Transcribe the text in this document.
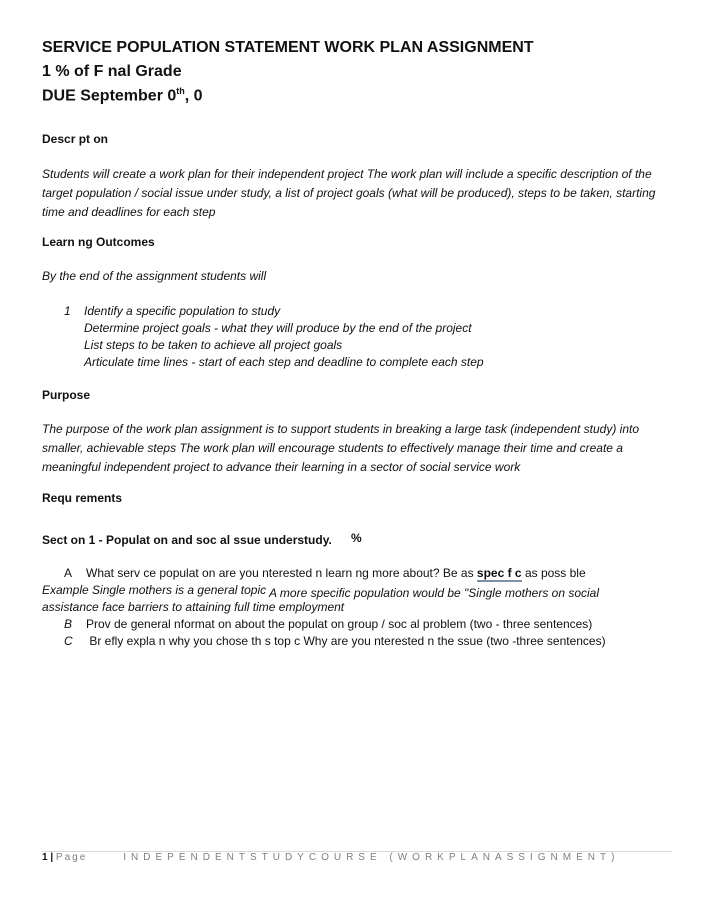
SERVICE POPULATION STATEMENT WORK PLAN ASSIGNMENT
1 % of F nal Grade
DUE September 0th, 0
Descr pt on
Students will create a work plan for their independent project The work plan will include a specific description of the target population / social issue under study, a list of project goals (what will be produced), steps to be taken, starting time and deadlines for each step
Learn ng Outcomes
By the end of the assignment students will
1 Identify a specific population to study
Determine project goals - what they will produce by the end of the project
List steps to be taken to achieve all project goals
Articulate time lines - start of each step and deadline to complete each step
Purpose
The purpose of the work plan assignment is to support students in breaking a large task (independent study) into smaller, achievable steps The work plan will encourage students to effectively manage their time and create a meaningful independent project to advance their learning in a sector of social service work
Requ rements
Sect on 1 - Populat on and soc al ssue understudy. %
A What serv ce populat on are you nterested n learn ng more about? Be as spec f c as poss ble
Example Single mothers is a general topic A more specific population would be "Single mothers on social
assistance face barriers to attaining full time employment
B Prov de general nformat on about the populat on group / soc al problem (two - three sentences)
C Br efly expla n why you chose th s top c Why are you nterested n the ssue (two -three sentences)
1 | Page	INDEPENDENTSTUDYCOURSE (WORKPLANASSIGNMENT)
